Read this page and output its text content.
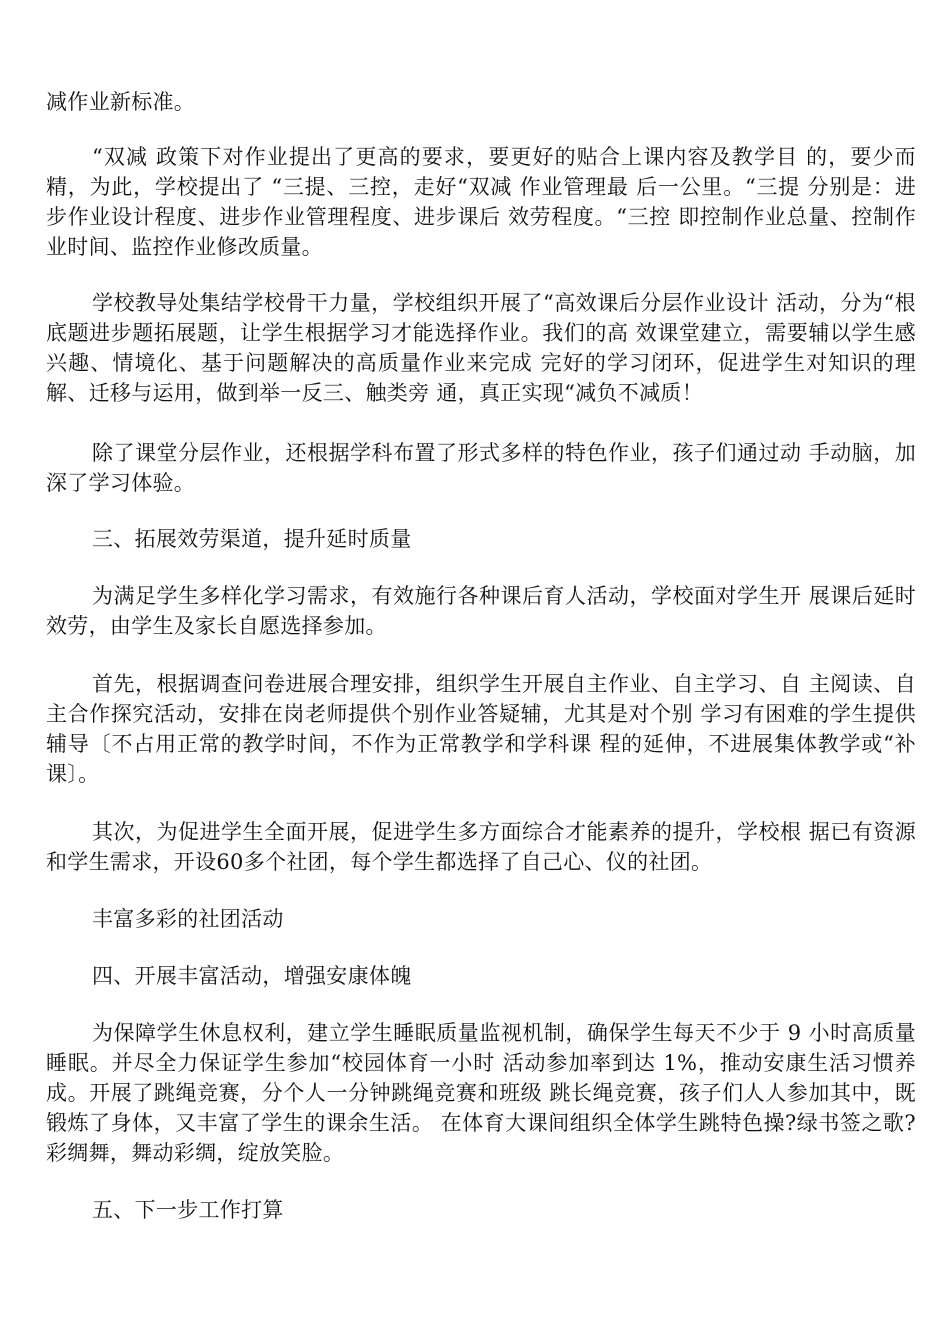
减作业新标准。

“双减 政策下对作业提出了更高的要求，要更好的贴合上课内容及教学目 的，要少而精，为此，学校提出了 “三提、三控，走好“双减 作业管理最 后一公里。“三提 分别是：进步作业设计程度、进步作业管理程度、进步课后 效劳程度。“三控 即控制作业总量、控制作业时间、监控作业修改质量。

学校教导处集结学校骨干力量，学校组织开展了“高效课后分层作业设计 活动，分为“根底题进步题拓展题，让学生根据学习才能选择作业。我们的高 效课堂建立，需要辅以学生感兴趣、情境化、基于问题解决的高质量作业来完成 完好的学习闭环，促进学生对知识的理解、迁移与运用，做到举一反三、触类旁 通，真正实现“减负不减质！

除了课堂分层作业，还根据学科布置了形式多样的特色作业，孩子们通过动 手动脑，加深了学习体验。

三、拓展效劳渠道，提升延时质量

为满足学生多样化学习需求，有效施行各种课后育人活动，学校面对学生开 展课后延时效劳，由学生及家长自愿选择参加。

首先，根据调查问卷进展合理安排，组织学生开展自主作业、自主学习、自 主阅读、自主合作探究活动，安排在岗老师提供个别作业答疑辅，尤其是对个别 学习有困难的学生提供辅导〔不占用正常的教学时间，不作为正常教学和学科课 程的延伸，不进展集体教学或“补课〕。

其次，为促进学生全面开展，促进学生多方面综合才能素养的提升，学校根 据已有资源和学生需求，开设60多个社团，每个学生都选择了自己心、仪的社团。

丰富多彩的社团活动

四、开展丰富活动，增强安康体魄

为保障学生休息权利，建立学生睡眠质量监视机制，确保学生每天不少于 9 小时高质量睡眠。并尽全力保证学生参加“校园体育一小时 活动参加率到达 1%，推动安康生活习惯养成。开展了跳绳竞赛，分个人一分钟跳绳竞赛和班级 跳长绳竞赛，孩子们人人参加其中，既锻炼了身体，又丰富了学生的课余生活。 在体育大课间组织全体学生跳特色操?绿书签之歌?彩绸舞，舞动彩绸，绽放笑脸。

五、下一步工作打算
